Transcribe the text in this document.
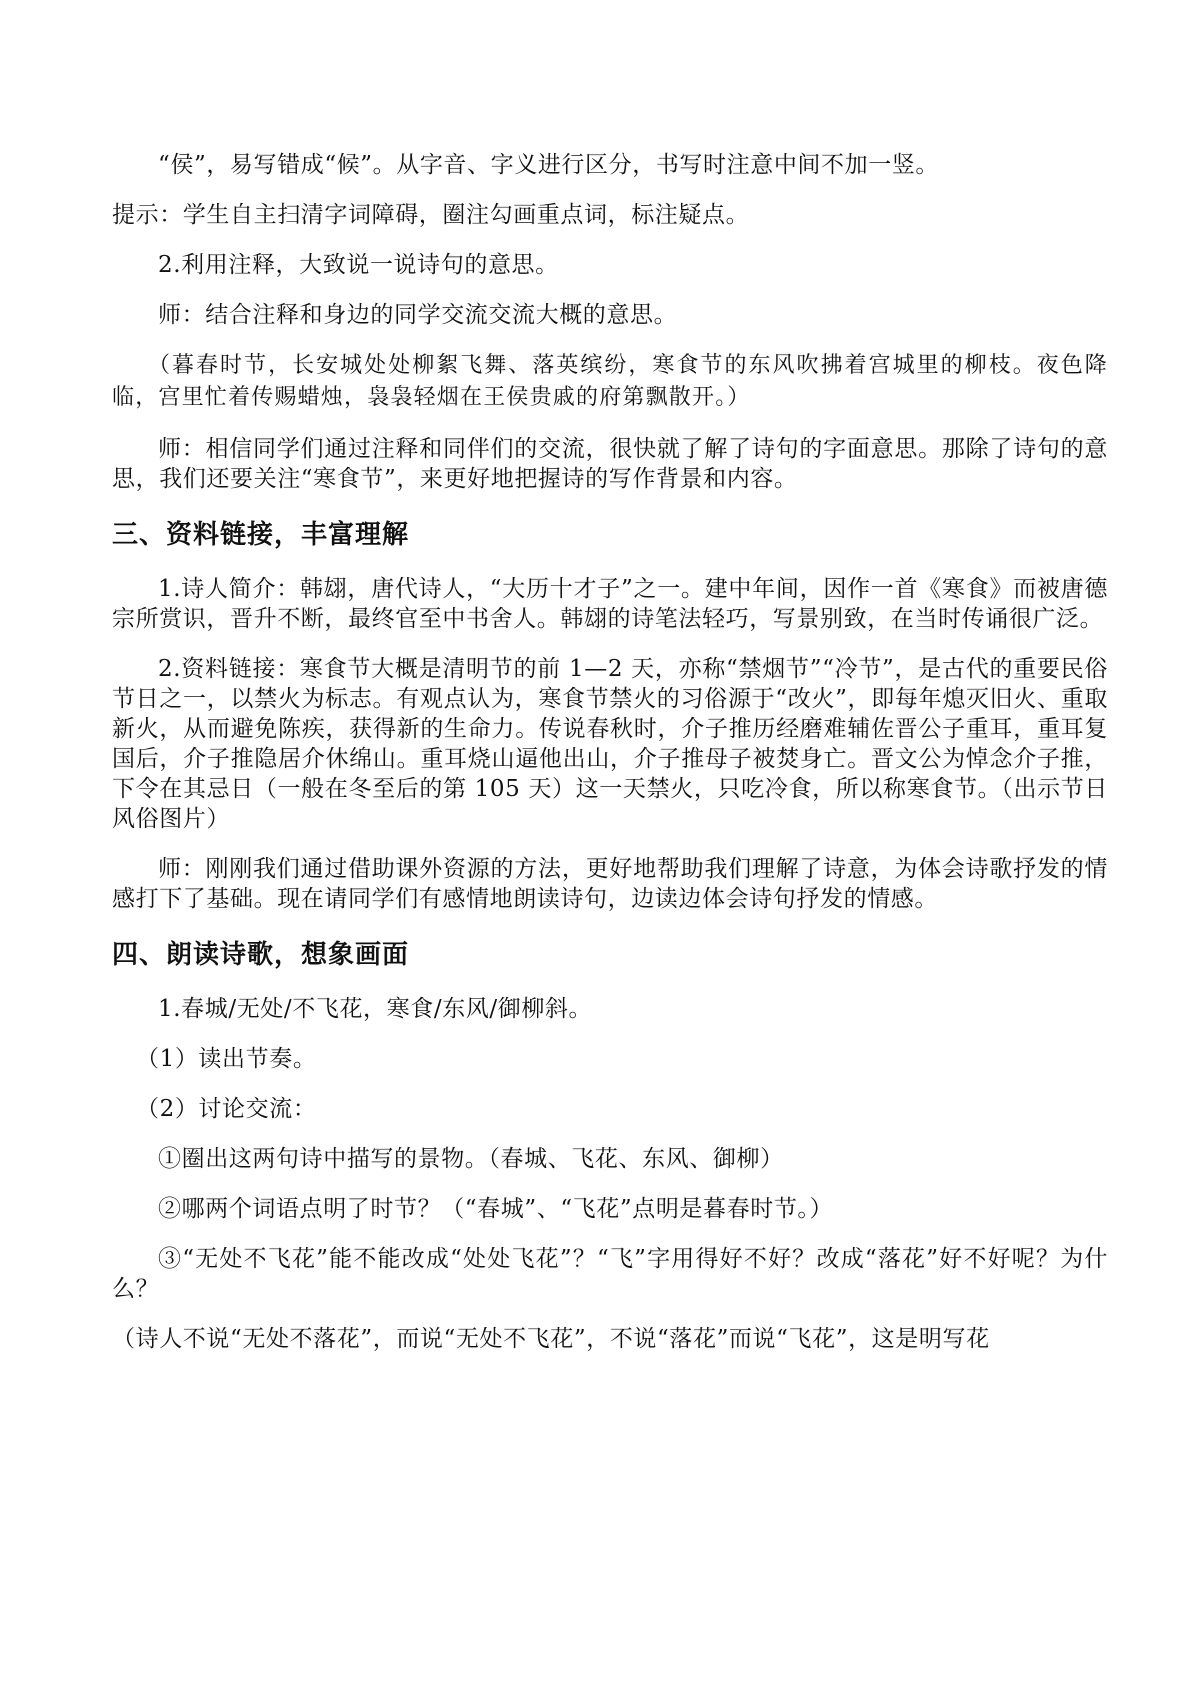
“侯”，易写错成“候”。从字音、字义进行区分，书写时注意中间不加一竖。

提示：学生自主扫清字词障碍，圈注勾画重点词，标注疑点。

2.利用注释，大致说一说诗句的意思。

师：结合注释和身边的同学交流交流大概的意思。

（暮春时节，长安城处处柳絮飞舞、落英缤纷，寒食节的东风吹拂着宫城里的柳枝。夜色降临，宫里忙着传赐蜡烛，袅袅轻烟在王侯贵戚的府第飘散开。）

师：相信同学们通过注释和同伴们的交流，很快就了解了诗句的字面意思。那除了诗句的意思，我们还要关注“寒食节”，来更好地把握诗的写作背景和内容。

三、资料链接，丰富理解

1.诗人简介：韩翃，唐代诗人，“大历十才子”之一。建中年间，因作一首《寒食》而被唐德宗所赏识，晋升不断，最终官至中书舍人。韩翃的诗笔法轻巧，写景别致，在当时传诵很广泛。

2.资料链接：寒食节大概是清明节的前 1—2 天，亦称“禁烟节”“冷节”，是古代的重要民俗节日之一，以禁火为标志。有观点认为，寒食节禁火的习俗源于“改火”，即每年熄灭旧火、重取新火，从而避免陈疾，获得新的生命力。传说春秋时，介子推历经磨难辅佐晋公子重耳，重耳复国后，介子推隐居介休绵山。重耳烧山逼他出山，介子推母子被焚身亡。晋文公为悼念介子推，下令在其忌日（一般在冬至后的第 105 天）这一天禁火，只吃冷食，所以称寒食节。（出示节日风俗图片）

师：刚刚我们通过借助课外资源的方法，更好地帮助我们理解了诗意，为体会诗歌抒发的情感打下了基础。现在请同学们有感情地朗读诗句，边读边体会诗句抒发的情感。

四、朗读诗歌，想象画面

1.春城/无处/不飞花，寒食/东风/御柳斜。

（1）读出节奏。

（2）讨论交流：

①圈出这两句诗中描写的景物。（春城、飞花、东风、御柳）

②哪两个词语点明了时节？（“春城”、“飞花”点明是暮春时节。）

③“无处不飞花”能不能改成“处处飞花”？“飞”字用得好不好？改成“落花”好不好呢？为什么？

（诗人不说“无处不落花”，而说“无处不飞花”，不说“落花”而说“飞花”，这是明写花
